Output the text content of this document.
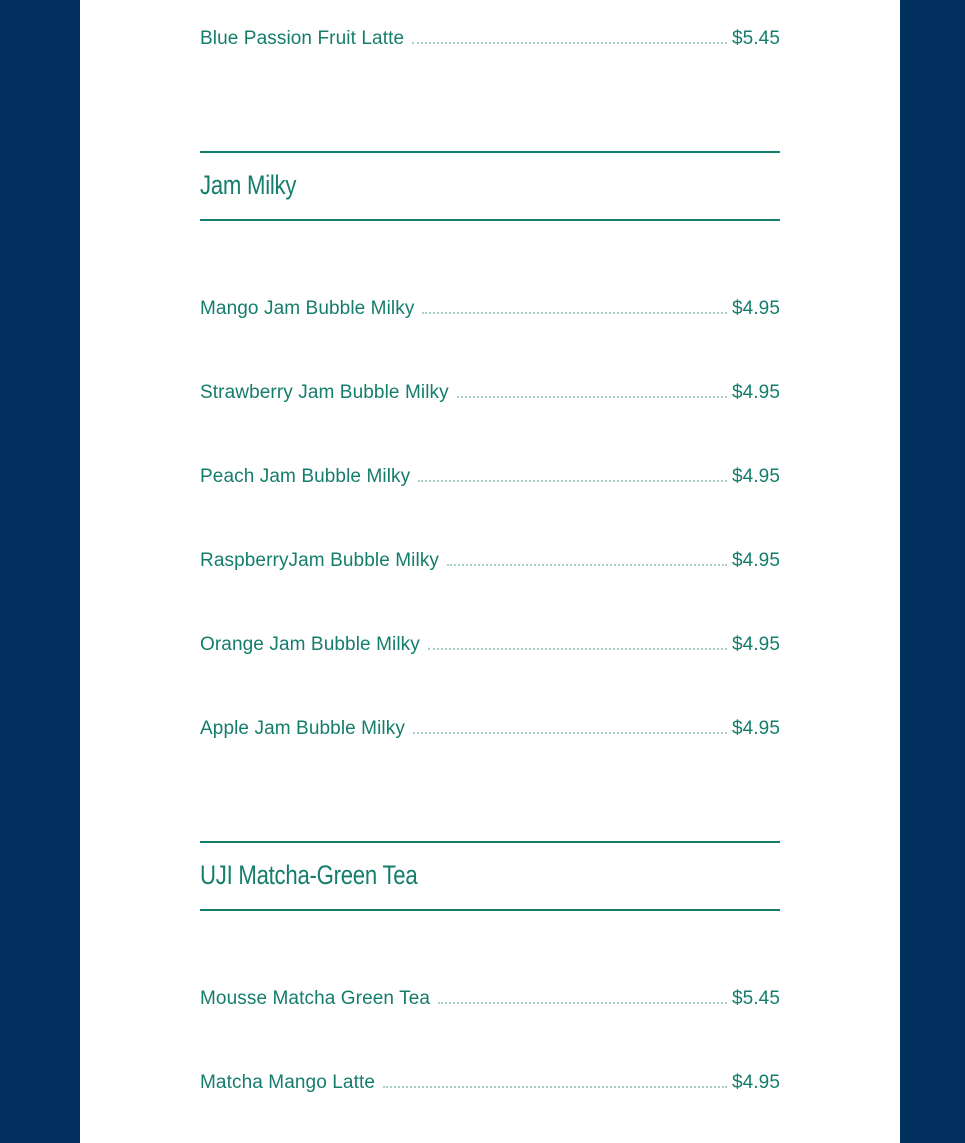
Blue Passion Fruit Latte	$5.45
Jam Milky
Mango Jam Bubble Milky	$4.95
Strawberry Jam Bubble Milky	$4.95
Peach Jam Bubble Milky	$4.95
RaspberryJam Bubble Milky	$4.95
Orange Jam Bubble Milky	$4.95
Apple Jam Bubble Milky	$4.95
UJI Matcha-Green Tea
Mousse Matcha Green Tea	$5.45
Matcha Mango Latte	$4.95
